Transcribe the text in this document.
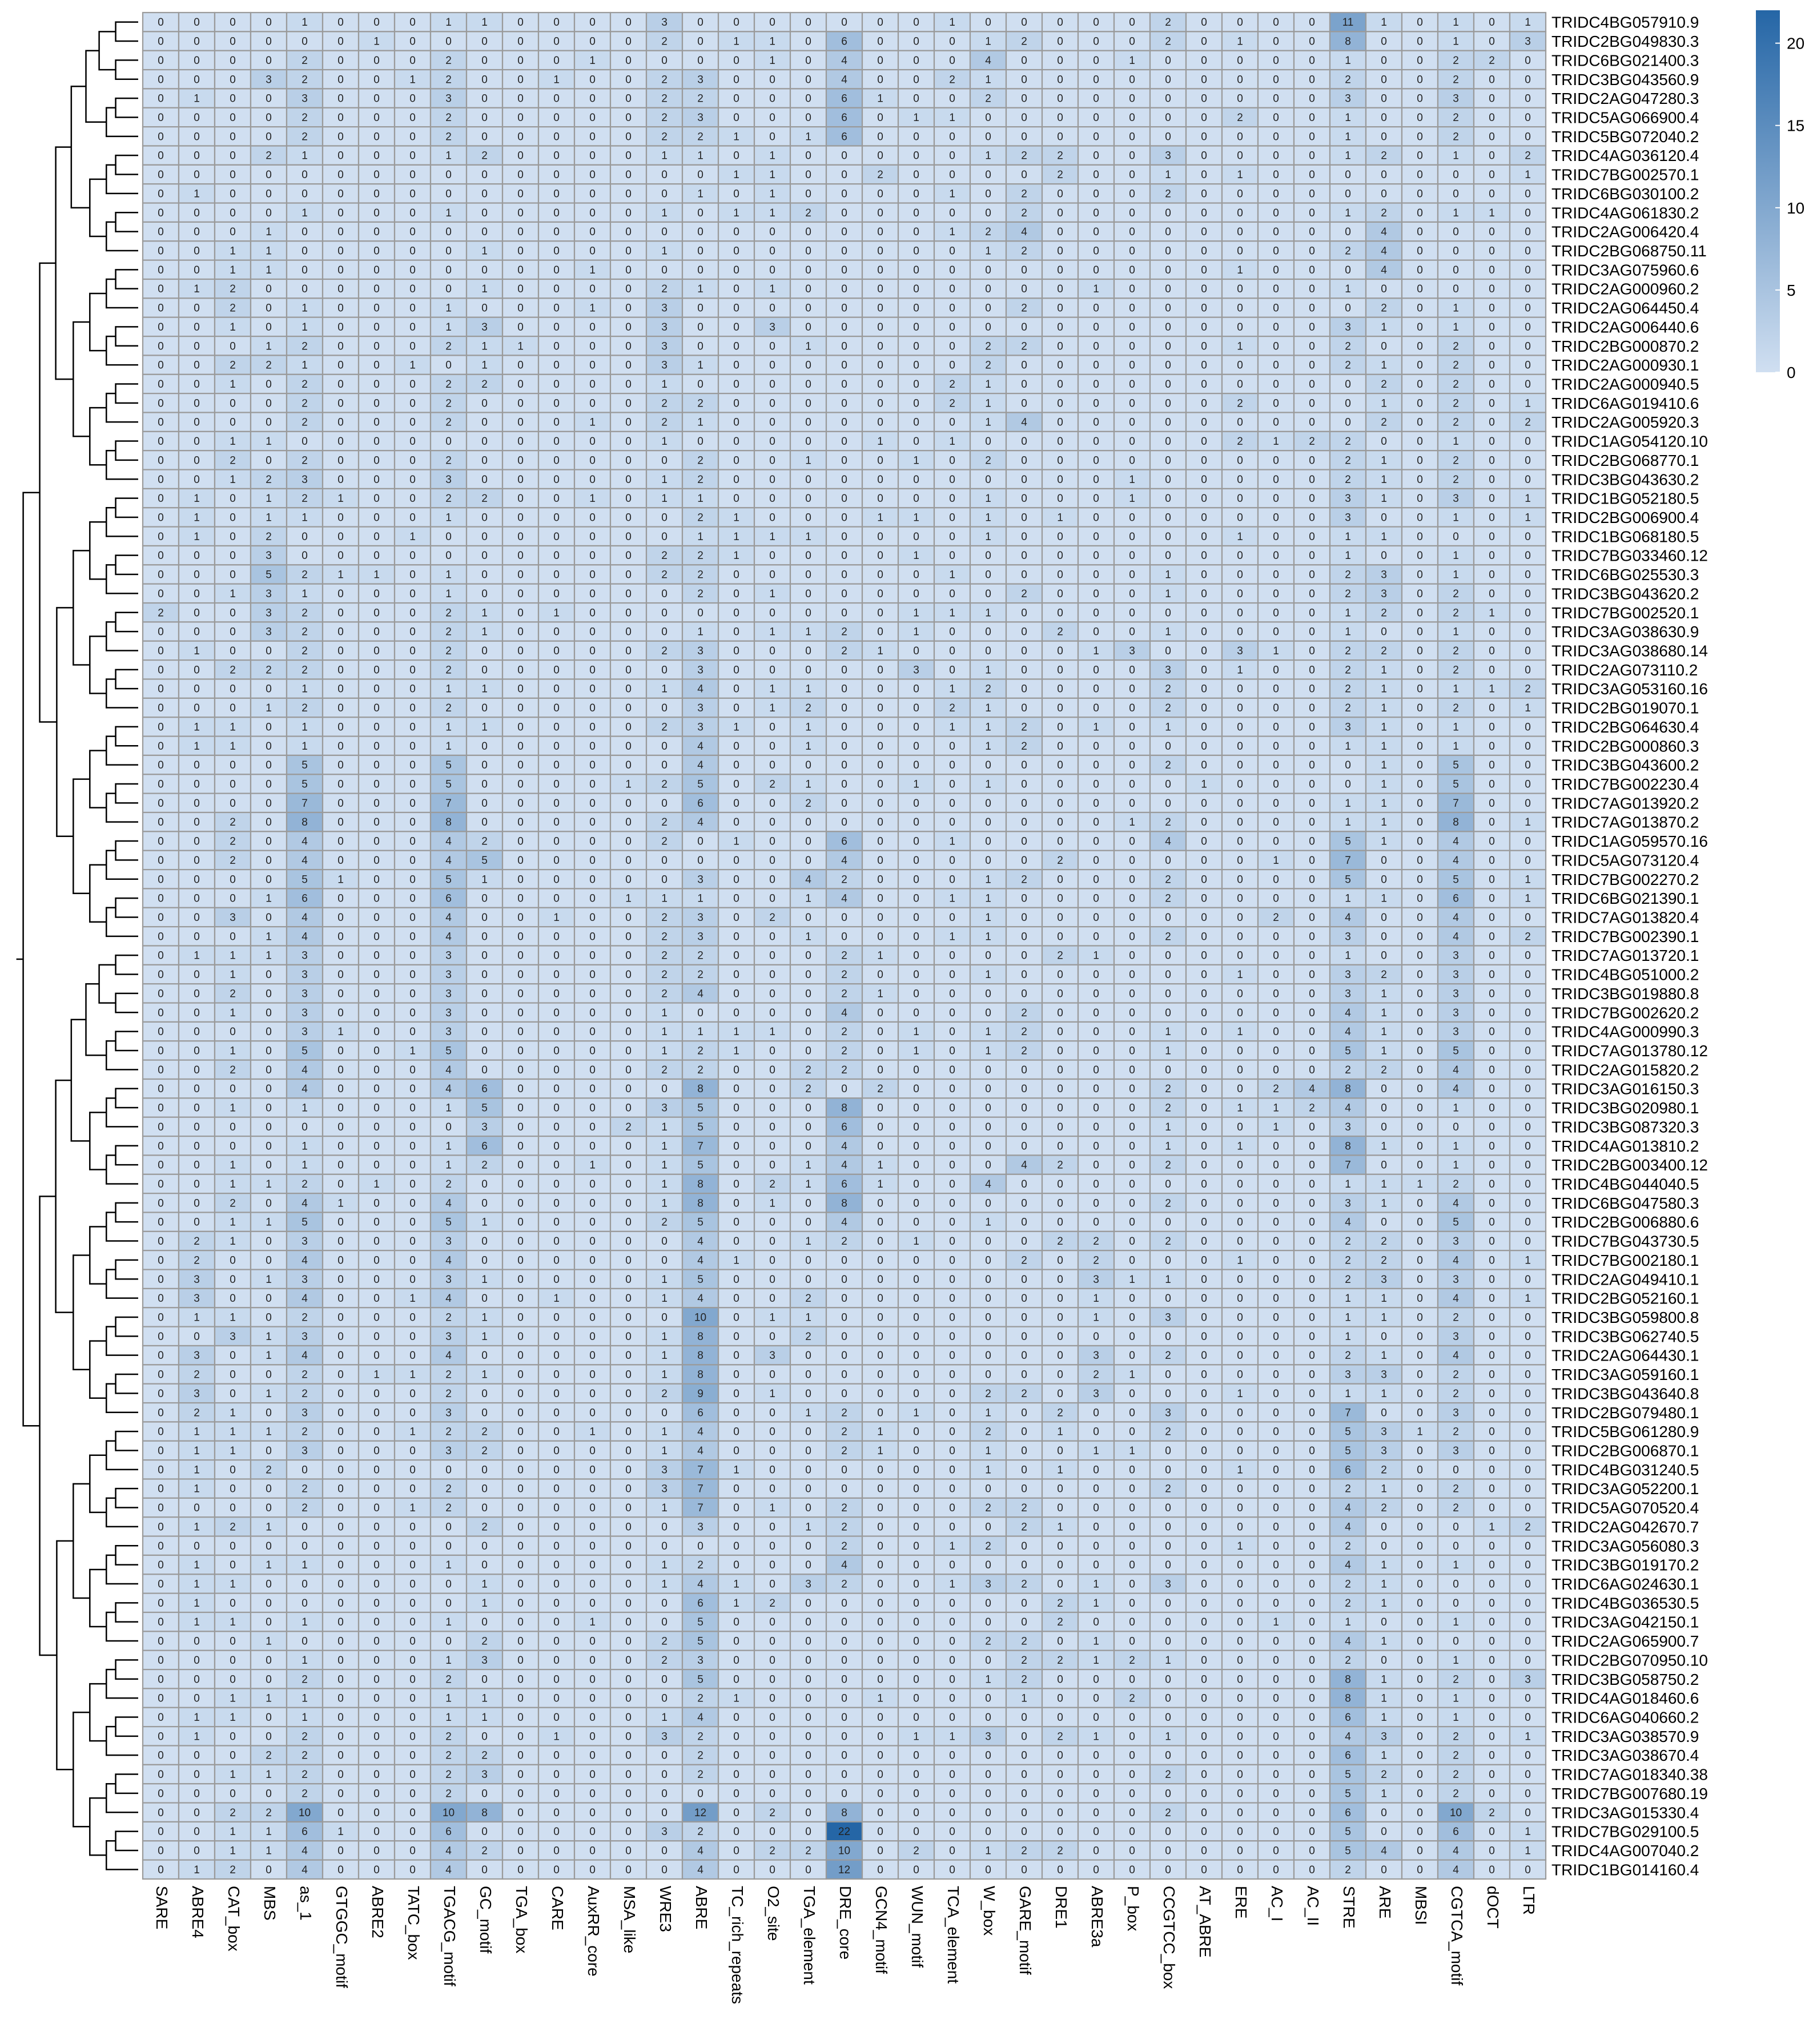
0	0	0	0	1	0	0	0	1	1	0	0	0	0	3	0	0	0	0	0	0	0	1	0	0	0	0	0	2	0	0	0	0	11	1	0	1	0	1
0	0	0	0	0	0	1	0	0	0	0	0	0	0	2	0	1	1	0	6	0	0	0	1	2	0	0	0	2	0	1	0	0	8	0	0	1	0	3
0	0	0	0	2	0	0	0	2	0	0	0	1	0	0	0	0	1	0	4	0	0	0	4	0	0	0	1	0	0	0	0	0	1	0	0	2	2	0
0	0	0	3	2	0	0	1	2	0	0	1	0	0	2	3	0	0	0	4	0	0	2	1	0	0	0	0	0	0	0	0	0	2	0	0	2	0	0
0	1	0	0	3	0	0	0	3	0	0	0	0	0	2	2	0	0	0	6	1	0	0	2	0	0	0	0	0	0	0	0	0	3	0	0	3	0	0
0	0	0	0	2	0	0	0	2	0	0	0	0	0	2	3	0	0	0	6	0	1	1	0	0	0	0	0	0	0	2	0	0	1	0	0	2	0	0
0	0	0	0	2	0	0	0	2	0	0	0	0	0	2	2	1	0	1	6	0	0	0	0	0	0	0	0	0	0	0	0	0	1	0	0	2	0	0
0	0	0	2	1	0	0	0	1	2	0	0	0	0	1	1	0	1	0	0	0	0	0	1	2	2	0	0	3	0	0	0	0	1	2	0	1	0	2
0	0	0	0	0	0	0	0	0	0	0	0	0	0	0	0	1	1	0	0	2	0	0	0	0	2	0	0	1	0	1	0	0	0	0	0	0	0	1
0	1	0	0	0	0	0	0	0	0	0	0	0	0	0	1	0	1	0	0	0	0	1	0	2	0	0	0	2	0	0	0	0	0	0	0	0	0	0
0	0	0	0	1	0	0	0	1	0	0	0	0	0	1	0	1	1	2	0	0	0	0	0	2	0	0	0	0	0	0	0	0	1	2	0	1	1	0
0	0	0	1	0	0	0	0	0	0	0	0	0	0	0	0	0	0	0	0	0	0	1	2	4	0	0	0	0	0	0	0	0	0	4	0	0	0	0
0	0	1	1	0	0	0	0	0	1	0	0	0	0	1	0	0	0	0	0	0	0	0	1	2	0	0	0	0	0	0	0	0	2	4	0	0	0	0
0	0	1	1	0	0	0	0	0	0	0	0	1	0	0	0	0	0	0	0	0	0	0	0	0	0	0	0	0	0	1	0	0	0	4	0	0	0	0
0	1	2	0	0	0	0	0	0	1	0	0	0	0	2	1	0	1	0	0	0	0	0	0	0	0	1	0	0	0	0	0	0	1	0	0	0	0	0
0	0	2	0	1	0	0	0	1	0	0	0	1	0	3	0	0	0	0	0	0	0	0	0	2	0	0	0	0	0	0	0	0	0	2	0	1	0	0
0	0	1	0	1	0	0	0	1	3	0	0	0	0	3	0	0	3	0	0	0	0	0	0	0	0	0	0	0	0	0	0	0	3	1	0	1	0	0
0	0	0	1	2	0	0	0	2	1	1	0	0	0	3	0	0	0	1	0	0	0	0	2	2	0	0	0	0	0	1	0	0	2	0	0	2	0	0
0	0	2	2	1	0	0	1	0	1	0	0	0	0	3	1	0	0	0	0	0	0	0	2	0	0	0	0	0	0	0	0	0	2	1	0	2	0	0
0	0	1	0	2	0	0	0	2	2	0	0	0	0	1	0	0	0	0	0	0	0	2	1	0	0	0	0	0	0	0	0	0	0	2	0	2	0	0
0	0	0	0	2	0	0	0	2	0	0	0	0	0	2	2	0	0	0	0	0	0	2	1	0	0	0	0	0	0	2	0	0	0	1	0	2	0	1
0	0	0	0	2	0	0	0	2	0	0	0	1	0	2	1	0	0	0	0	0	0	0	1	4	0	0	0	0	0	0	0	0	0	2	0	2	0	2
0	0	1	1	0	0	0	0	0	0	0	0	0	0	1	0	0	0	0	0	1	0	1	0	0	0	0	0	0	0	2	1	2	2	0	0	1	0	0
0	0	2	0	2	0	0	0	2	0	0	0	0	0	0	2	0	0	1	0	0	1	0	2	0	0	0	0	0	0	0	0	0	2	1	0	2	0	0
0	0	1	2	3	0	0	0	3	0	0	0	0	0	1	2	0	0	0	0	0	0	0	0	0	0	0	1	0	0	0	0	0	2	1	0	2	0	0
0	1	0	1	2	1	0	0	2	2	0	0	1	0	1	1	0	0	0	0	0	0	0	1	0	0	0	1	0	0	0	0	0	3	1	0	3	0	1
0	1	0	1	1	0	0	0	1	0	0	0	0	0	0	2	1	0	0	0	1	1	0	1	0	1	0	0	0	0	0	0	0	3	0	0	1	0	1
0	1	0	2	0	0	0	1	0	0	0	0	0	0	0	1	1	1	1	0	0	0	0	1	0	0	0	0	0	0	1	0	0	1	1	0	0	0	0
0	0	0	3	0	0	0	0	0	0	0	0	0	0	2	2	1	0	0	0	0	1	0	0	0	0	0	0	0	0	0	0	0	1	0	0	1	0	0
0	0	0	5	2	1	1	0	1	0	0	0	0	0	2	2	0	0	0	0	0	0	1	0	0	0	0	0	1	0	0	0	0	2	3	0	1	0	0
0	0	1	3	1	0	0	0	1	0	0	0	0	0	0	2	0	1	0	0	0	0	0	0	2	0	0	0	1	0	0	0	0	2	3	0	2	0	0
2	0	0	3	2	0	0	0	2	1	0	1	0	0	0	0	0	0	0	0	0	1	1	1	0	0	0	0	0	0	0	0	0	1	2	0	2	1	0
0	0	0	3	2	0	0	0	2	1	0	0	0	0	0	1	0	1	1	2	0	1	0	0	0	2	0	0	1	0	0	0	0	1	0	0	1	0	0
0	1	0	0	2	0	0	0	2	0	0	0	0	0	2	3	0	0	0	2	1	0	0	0	0	0	1	3	0	0	3	1	0	2	2	0	2	0	0
0	0	2	2	2	0	0	0	2	0	0	0	0	0	0	3	0	0	0	0	0	3	0	1	0	0	0	0	3	0	1	0	0	2	1	0	2	0	0
0	0	0	0	1	0	0	0	1	1	0	0	0	0	1	4	0	1	1	0	0	0	1	2	0	0	0	0	2	0	0	0	0	2	1	0	1	1	2
0	0	0	1	2	0	0	0	2	0	0	0	0	0	0	3	0	1	2	0	0	0	2	1	0	0	0	0	2	0	0	0	0	2	1	0	2	0	1
0	1	1	0	1	0	0	0	1	1	0	0	0	0	2	3	1	0	1	0	0	0	1	1	2	0	1	0	1	0	0	0	0	3	1	0	1	0	0
0	1	1	0	1	0	0	0	1	0	0	0	0	0	0	4	0	0	1	0	0	0	0	1	2	0	0	0	0	0	0	0	0	1	1	0	1	0	0
0	0	0	0	5	0	0	0	5	0	0	0	0	0	0	4	0	0	0	0	0	0	0	0	0	0	0	0	2	0	0	0	0	0	1	0	5	0	0
0	0	0	0	5	0	0	0	5	0	0	0	0	1	2	5	0	2	1	0	0	1	0	1	0	0	0	0	0	1	0	0	0	0	1	0	5	0	0
0	0	0	0	7	0	0	0	7	0	0	0	0	0	0	6	0	0	2	0	0	0	0	0	0	0	0	0	0	0	0	0	0	1	1	0	7	0	0
0	0	2	0	8	0	0	0	8	0	0	0	0	0	2	4	0	0	0	0	0	0	0	0	0	0	0	1	2	0	0	0	0	1	1	0	8	0	1
0	0	2	0	4	0	0	0	4	2	0	0	0	0	2	0	1	0	0	6	0	0	1	0	0	0	0	0	4	0	0	0	0	5	1	0	4	0	0
0	0	2	0	4	0	0	0	4	5	0	0	0	0	0	0	0	0	0	4	0	0	0	0	0	2	0	0	0	0	0	1	0	7	0	0	4	0	0
0	0	0	0	5	1	0	0	5	1	0	0	0	0	0	3	0	0	4	2	0	0	0	1	2	0	0	0	2	0	0	0	0	5	0	0	5	0	1
0	0	0	1	6	0	0	0	6	0	0	0	0	1	1	1	0	0	1	4	0	0	1	1	0	0	0	0	2	0	0	0	0	1	1	0	6	0	1
0	0	3	0	4	0	0	0	4	0	0	1	0	0	2	3	0	2	0	0	0	0	0	1	0	0	0	0	0	0	0	2	0	4	0	0	4	0	0
0	0	0	1	4	0	0	0	4	0	0	0	0	0	2	3	0	0	1	0	0	0	1	1	0	0	0	0	2	0	0	0	0	3	0	0	4	0	2
0	1	1	1	3	0	0	0	3	0	0	0	0	0	2	2	0	0	0	2	1	0	0	0	0	2	1	0	0	0	0	0	0	1	0	0	3	0	0
0	0	1	0	3	0	0	0	3	0	0	0	0	0	2	2	0	0	0	2	0	0	0	1	0	0	0	0	0	0	1	0	0	3	2	0	3	0	0
0	0	2	0	3	0	0	0	3	0	0	0	0	0	2	4	0	0	0	2	1	0	0	0	0	0	0	0	0	0	0	0	0	3	1	0	3	0	0
0	0	1	0	3	0	0	0	3	0	0	0	0	0	1	0	0	0	0	4	0	0	0	0	2	0	0	0	0	0	0	0	0	4	1	0	3	0	0
0	0	0	0	3	1	0	0	3	0	0	0	0	0	1	1	1	1	0	2	0	1	0	1	2	0	0	0	1	0	1	0	0	4	1	0	3	0	0
0	0	1	0	5	0	0	1	5	0	0	0	0	0	1	2	1	0	0	2	0	1	0	1	2	0	0	0	1	0	0	0	0	5	1	0	5	0	0
0	0	2	0	4	0	0	0	4	0	0	0	0	0	2	2	0	0	2	2	0	0	0	0	0	0	0	0	0	0	0	0	0	2	2	0	4	0	0
0	0	0	0	4	0	0	0	4	6	0	0	0	0	0	8	0	0	2	0	2	0	0	0	0	0	0	0	2	0	0	2	4	8	0	0	4	0	0
0	0	1	0	1	0	0	0	1	5	0	0	0	0	3	5	0	0	0	8	0	0	0	0	0	0	0	0	2	0	1	1	2	4	0	0	1	0	0
0	0	0	0	0	0	0	0	0	3	0	0	0	2	1	5	0	0	0	6	0	0	0	0	0	0	0	0	1	0	0	1	0	3	0	0	0	0	0
0	0	0	0	1	0	0	0	1	6	0	0	0	0	1	7	0	0	0	4	0	0	0	0	0	0	0	0	1	0	1	0	0	8	1	0	1	0	0
0	0	1	0	1	0	0	0	1	2	0	0	1	0	1	5	0	0	1	4	1	0	0	0	4	2	0	0	2	0	0	0	0	7	0	0	1	0	0
0	0	1	1	2	0	1	0	2	0	0	0	0	0	1	8	0	2	1	6	1	0	0	4	0	0	0	0	0	0	0	0	0	1	1	1	2	0	0
0	0	2	0	4	1	0	0	4	0	0	0	0	0	1	8	0	1	0	8	0	0	0	0	0	0	0	0	2	0	0	0	0	3	1	0	4	0	0
0	0	1	1	5	0	0	0	5	1	0	0	0	0	2	5	0	0	0	4	0	0	0	1	0	0	0	0	0	0	0	0	0	4	0	0	5	0	0
0	2	1	0	3	0	0	0	3	0	0	0	0	0	0	4	0	0	1	2	0	1	0	0	0	2	2	0	2	0	0	0	0	2	2	0	3	0	0
0	2	0	0	4	0	0	0	4	0	0	0	0	0	0	4	1	0	0	0	0	0	0	0	2	0	2	0	0	0	1	0	0	2	2	0	4	0	1
0	3	0	1	3	0	0	0	3	1	0	0	0	0	1	5	0	0	0	0	0	0	0	0	0	0	3	1	1	0	0	0	0	2	3	0	3	0	0
0	3	0	0	4	0	0	1	4	0	0	1	0	0	1	4	0	0	2	0	0	0	0	0	0	0	1	0	0	0	0	0	0	1	1	0	4	0	1
0	1	1	0	2	0	0	0	2	1	0	0	0	0	0 10 0	1	1	0	0	0	0	0	0	0	1	0	3	0	0	0	0	1	1	0	2	0	0
0	0	3	1	3	0	0	0	3	1	0	0	0	0	1	8	0	0	2	0	0	0	0	0	0	0	0	0	0	0	0	0	0	1	0	0	3	0	0
0	3	0	1	4	0	0	0	4	0	0	0	0	0	1	8	0	3	0	0	0	0	0	0	0	0	3	0	2	0	0	0	0	2	1	0	4	0	0
0	2	0	0	2	0	1	1	2	1	0	0	0	0	1	8	0	0	0	0	0	0	0	0	0	0	2	1	0	0	0	0	0	3	3	0	2	0	0
0	3	0	1	2	0	0	0	2	0	0	0	0	0	2	9	0	1	0	0	0	0	0	2	2	0	3	0	0	0	1	0	0	1	1	0	2	0	0
0	2	1	0	3	0	0	0	3	0	0	0	0	0	0	6	0	0	1	2	0	1	0	1	0	2	0	0	3	0	0	0	0	7	0	0	3	0	0
0	1	1	1	2	0	0	1	2	2	0	0	1	0	1	4	0	0	0	2	1	0	0	2	0	1	0	0	2	0	0	0	0	5	3	1	2	0	0
0	1	1	0	3	0	0	0	3	2	0	0	0	0	1	4	0	0	0	2	1	0	0	1	0	0	1	1	0	0	0	0	0	5	3	0	3	0	0
0	1	0	2	0	0	0	0	0	0	0	0	0	0	3	7	1	0	0	0	0	0	0	1	0	1	0	0	0	0	1	0	0	6	2	0	0	0	0
0	1	0	0	2	0	0	0	2	0	0	0	0	0	3	7	0	0	0	0	0	0	0	0	0	0	0	0	2	0	0	0	0	2	1	0	2	0	0
0	0	0	0	2	0	0	1	2	0	0	0	0	0	1	7	0	1	0	2	0	0	0	2	2	0	0	0	0	0	0	0	0	4	2	0	2	0	0
0	1	2	1	0	0	0	0	0	2	0	0	0	0	0	3	0	0	1	2	0	0	0	0	2	1	0	0	0	0	0	0	0	4	0	0	0	1	2
0	0	0	0	0	0	0	0	0	0	0	0	0	0	0	0	0	0	0	2	0	0	1	2	0	0	0	0	0	0	1	0	0	2	0	0	0	0	0
0	1	0	1	1	0	0	0	1	0	0	0	0	0	1	2	0	0	0	4	0	0	0	0	0	0	0	0	0	0	0	0	0	4	1	0	1	0	0
0	1	1	0	0	0	0	0	0	1	0	0	0	0	1	4	1	0	3	2	0	0	1	3	2	0	1	0	3	0	0	0	0	2	1	0	0	0	0
0	1	0	0	0	0	0	0	0	1	0	0	0	0	0	6	1	2	0	0	0	0	0	0	0	2	1	0	0	0	0	0	0	2	1	0	0	0	0
0	1	1	0	1	0	0	0	1	0	0	0	1	0	0	5	0	0	0	0	0	0	0	0	0	2	0	0	0	0	0	1	0	1	0	0	1	0	0
0	0	0	1	0	0	0	0	0	2	0	0	0	0	2	5	0	0	0	0	0	0	0	2	2	0	1	0	0	0	0	0	0	4	1	0	0	0	0
0	0	0	0	1	0	0	0	1	3	0	0	0	0	2	3	0	0	0	0	0	0	0	0	2	2	1	2	1	0	0	0	0	2	0	0	1	0	0
0	0	0	0	2	0	0	0	2	0	0	0	0	0	0	5	0	0	0	0	0	0	0	1	2	0	0	0	0	0	0	0	0	8	1	0	2	0	3
0	0	1	1	1	0	0	0	1	1	0	0	0	0	0	2	1	0	0	0	1	0	0	0	1	0	0	2	0	0	0	0	0	8	1	0	1	0	0
0	1	1	0	1	0	0	0	1	1	0	0	0	0	1	4	0	0	0	0	0	0	0	0	0	0	0	0	0	0	0	0	0	6	1	0	1	0	0
0	1	0	0	2	0	0	0	2	0	0	1	0	0	3	2	0	0	0	0	0	1	1	3	0	2	1	0	1	0	0	0	0	4	3	0	2	0	1
0	0	0	2	2	0	0	0	2	2	0	0	0	0	0	2	0	0	0	0	0	0	0	0	0	0	0	0	0	0	0	0	0	6	1	0	2	0	0
0	0	1	1	2	0	0	0	2	3	0	0	0	0	0	2	0	0	0	0	0	0	0	0	0	0	0	0	2	0	0	0	0	5	2	0	2	0	0
0	0	0	0	2	0	0	0	2	0	0	0	0	0	0	0	0	0	0	0	0	0	0	0	0	0	0	0	0	0	0	0	0	5	1	0	2	0	0
0	0	2	2 10 0	0	0 10 8	0	0	0	0	0 12 0	2	0	8	0	0	0	0	0	0	0	0	2	0	0	0	0	6	0	0 10 2	0
0	0	1	1	6	1	0	0	6	0	0	0	0	0	3	2	0	0	0 22 0	0	0	0	0	0	0	0	0	0	0	0	0	5	0	0	6	0	1
0	0	1	1	4	0	0	0	4	2	0	0	0	0	0	4	0	2	2 10 0	2	0	1	2	2	0	0	0	0	0	0	0	5	4	0	4	0	1
0	1	2	0	4	0	0	0	4	0	0	0	0	0	0	4	0	0	0 12 0	0	0	0	0	0	0	0	0	0	0	0	0	2	0	0	4	0	0
TRIDC4BG057910.9
TRIDC2BG049830.3
TRIDC6BG021400.3
TRIDC3BG043560.9
TRIDC2AG047280.3
TRIDC5AG066900.4
TRIDC5BG072040.2
TRIDC4AG036120.4
TRIDC7BG002570.1
TRIDC6BG030100.2
TRIDC4AG061830.2
TRIDC2AG006420.4
TRIDC2BG068750.11
TRIDC3AG075960.6
TRIDC2AG000960.2
TRIDC2AG064450.4
TRIDC2AG006440.6
TRIDC2BG000870.2
TRIDC2AG000930.1
TRIDC2AG000940.5
TRIDC6AG019410.6
TRIDC2AG005920.3
TRIDC1AG054120.10
TRIDC2BG068770.1
TRIDC3BG043630.2
TRIDC1BG052180.5
TRIDC2BG006900.4
TRIDC1BG068180.5
TRIDC7BG033460.12
TRIDC6BG025530.3
TRIDC3BG043620.2
TRIDC7BG002520.1
TRIDC3AG038630.9
TRIDC3AG038680.14
TRIDC2AG073110.2
TRIDC3AG053160.16
TRIDC2BG019070.1
TRIDC2BG064630.4
TRIDC2BG000860.3
TRIDC3BG043600.2
TRIDC7BG002230.4
TRIDC7AG013920.2
TRIDC7AG013870.2
TRIDC1AG059570.16
TRIDC5AG073120.4
TRIDC7BG002270.2
TRIDC6BG021390.1
TRIDC7AG013820.4
TRIDC7BG002390.1
TRIDC7AG013720.1
TRIDC4BG051000.2
TRIDC3BG019880.8
TRIDC7BG002620.2
TRIDC4AG000990.3
TRIDC7AG013780.12
TRIDC2AG015820.2
TRIDC3AG016150.3
TRIDC3BG020980.1
TRIDC3BG087320.3
TRIDC4AG013810.2
TRIDC2BG003400.12
TRIDC4BG044040.5
TRIDC6BG047580.3
TRIDC2BG006880.6
TRIDC7BG043730.5
TRIDC7BG002180.1
TRIDC2AG049410.1
TRIDC2BG052160.1
TRIDC3BG059800.8
TRIDC3BG062740.5
TRIDC2AG064430.1
TRIDC3AG059160.1
TRIDC3BG043640.8
TRIDC2BG079480.1
TRIDC5BG061280.9
TRIDC2BG006870.1
TRIDC4BG031240.5
TRIDC3AG052200.1
TRIDC5AG070520.4
TRIDC2AG042670.7
TRIDC3AG056080.3
TRIDC3BG019170.2
TRIDC6AG024630.1
TRIDC4BG036530.5
TRIDC3AG042150.1
TRIDC2AG065900.7
TRIDC2BG070950.10
TRIDC3BG058750.2
TRIDC4AG018460.6
TRIDC6AG040660.2
TRIDC3AG038570.9
TRIDC3AG038670.4
TRIDC7AG018340.38
TRIDC7BG007680.19
TRIDC3AG015330.4
TRIDC7BG029100.5
TRIDC4AG007040.2
TRIDC1BG014160.4
SARE ABRE4 CAT_box MBS as_1 GTGGC_motif ABRE2 TATC_box TGACG_motif GC_motif TGA_box CARE AuxRR_core MSA_like WRE3 ABRE TC_rich_repeats O2_site TGA_element DRE_core GCN4_motif WUN_motif TCA_element W_box GARE_motif DRE1 ABRE3a P_box CCGTCC_box AT_ABRE ERE AC_I AC_II STRE ARE MBSI CGTCA_motif dOCT LTR
0
5
10
15
20
